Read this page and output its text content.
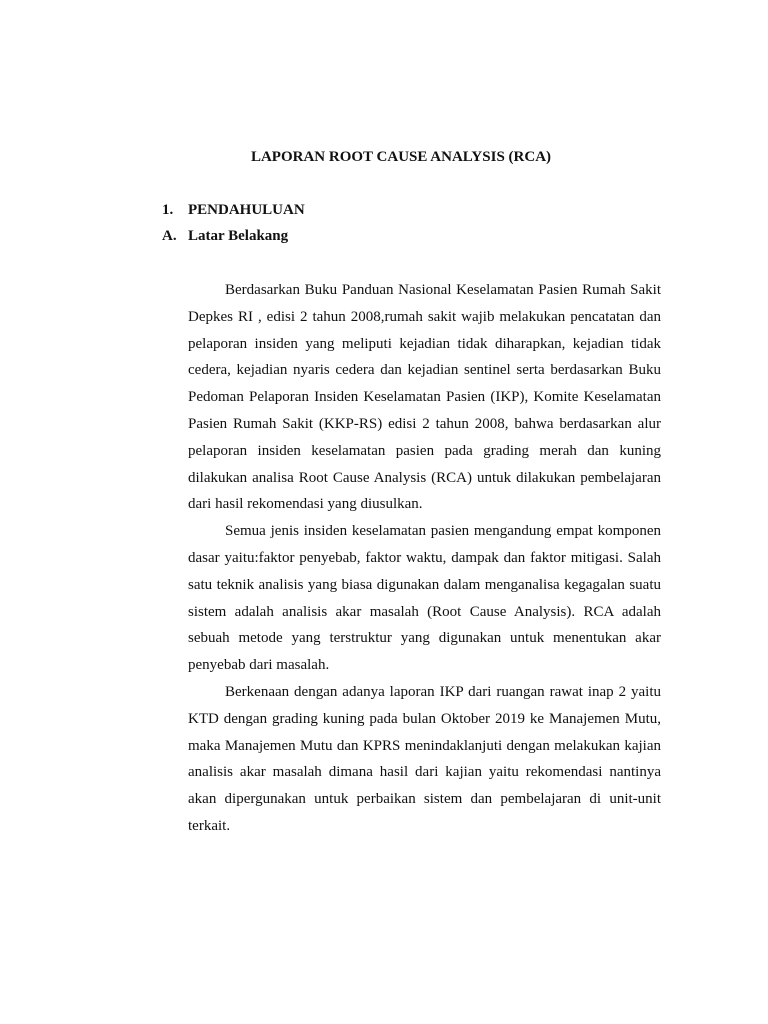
LAPORAN ROOT CAUSE ANALYSIS (RCA)
1. PENDAHULUAN
A. Latar Belakang

Berdasarkan Buku Panduan Nasional Keselamatan Pasien Rumah Sakit Depkes RI , edisi 2 tahun 2008,rumah sakit wajib melakukan pencatatan dan pelaporan insiden yang meliputi kejadian tidak diharapkan, kejadian tidak cedera, kejadian nyaris cedera dan kejadian sentinel serta berdasarkan Buku Pedoman Pelaporan Insiden Keselamatan Pasien (IKP), Komite Keselamatan Pasien Rumah Sakit (KKP-RS) edisi 2 tahun 2008, bahwa berdasarkan alur pelaporan insiden keselamatan pasien pada grading merah dan kuning dilakukan analisa Root Cause Analysis (RCA) untuk dilakukan pembelajaran dari hasil rekomendasi yang diusulkan.

Semua jenis insiden keselamatan pasien mengandung empat komponen dasar yaitu:faktor penyebab, faktor waktu, dampak dan faktor mitigasi. Salah satu teknik analisis yang biasa digunakan dalam menganalisa kegagalan suatu sistem adalah analisis akar masalah (Root Cause Analysis). RCA adalah sebuah metode yang terstruktur yang digunakan untuk menentukan akar penyebab dari masalah.

Berkenaan dengan adanya laporan IKP dari ruangan rawat inap 2 yaitu KTD dengan grading kuning pada bulan Oktober 2019 ke Manajemen Mutu, maka Manajemen Mutu dan KPRS menindaklanjuti dengan melakukan kajian analisis akar masalah dimana hasil dari kajian yaitu rekomendasi nantinya akan dipergunakan untuk perbaikan sistem dan pembelajaran di unit-unit terkait.
